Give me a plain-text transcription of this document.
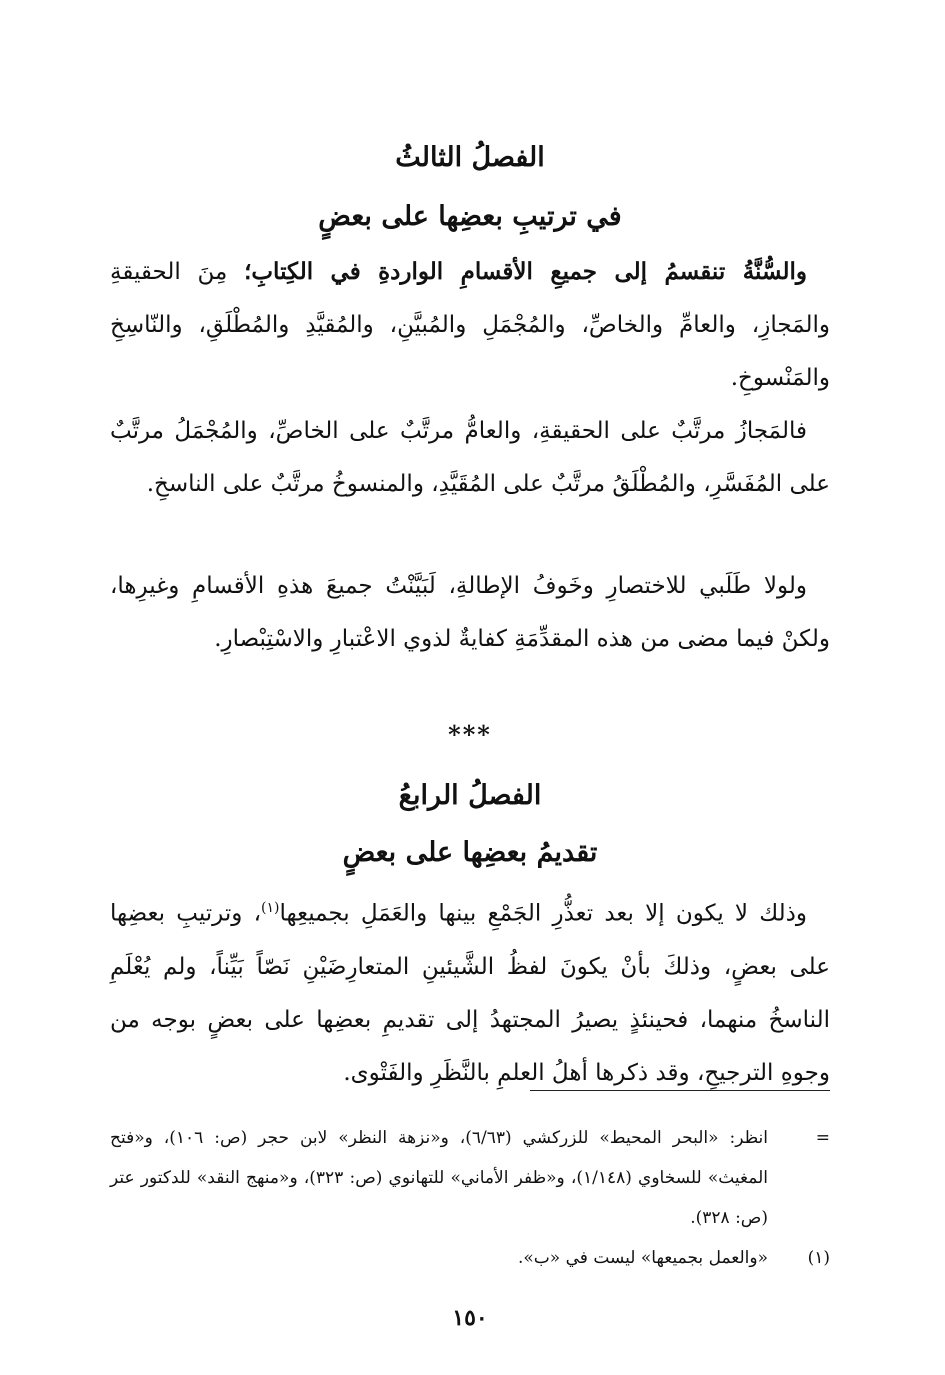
الفصلُ الثالثُ
في ترتيبِ بعضِها على بعضٍ

 والسُّنَّةُ تنقسمُ إلى جميعِ الأقسامِ الواردةِ في الكِتابِ؛ مِنَ الحقيقةِ والمَجازِ، والعامِّ والخاصِّ، والمُجْمَلِ والمُبيَّنِ، والمُقيَّدِ والمُطْلَقِ، والنّاسِخِ والمَنْسوخِ.

 فالمَجازُ مرتَّبٌ على الحقيقةِ، والعامُّ مرتَّبٌ على الخاصِّ، والمُجْمَلُ مرتَّبٌ على المُفَسَّرِ، والمُطْلَقُ مرتَّبٌ على المُقَيَّدِ، والمنسوخُ مرتَّبٌ على الناسخِ.

 ولولا طَلَبي للاختصارِ وخَوفُ الإطالةِ، لَبَيَّنْتُ جميعَ هذهِ الأقسامِ وغيرِها، ولكنْ فيما مضى من هذه المقدِّمَةِ كفايةٌ لذوي الاعْتبارِ والاسْتِبْصارِ.

***

الفصلُ الرابعُ
تقديمُ بعضِها على بعضٍ

 وذلك لا يكون إلا بعد تعذُّرِ الجَمْعِ بينها والعَمَلِ بجميعِها$^{(١)}$، وترتيبِ بعضِها على بعضٍ، وذلكَ بأنْ يكونَ لفظُ الشَّيئينِ المتعارِضَيْنِ نَصّاً بَيِّناً، ولم يُعْلَمِ الناسخُ منهما، فحينئذٍ يصيرُ المجتهدُ إلى تقديمِ بعضِها على بعضٍ بوجه من وجوهِ الترجيحِ، وقد ذكرها أهلُ العلمِ بالنَّظَرِ والفَتْوى.

=
انظر: «البحر المحيط» للزركشي (٦/٦٣)، و«نزهة النظر» لابن حجر (ص: ١٠٦)، و«فتح المغيث» للسخاوي (١/١٤٨)، و«ظفر الأماني» للتهانوي (ص: ٣٢٣)، و«منهج النقد» للدكتور عتر (ص: ٣٢٨).
(١)
«والعمل بجميعها» ليست في «ب».
١٥٠
